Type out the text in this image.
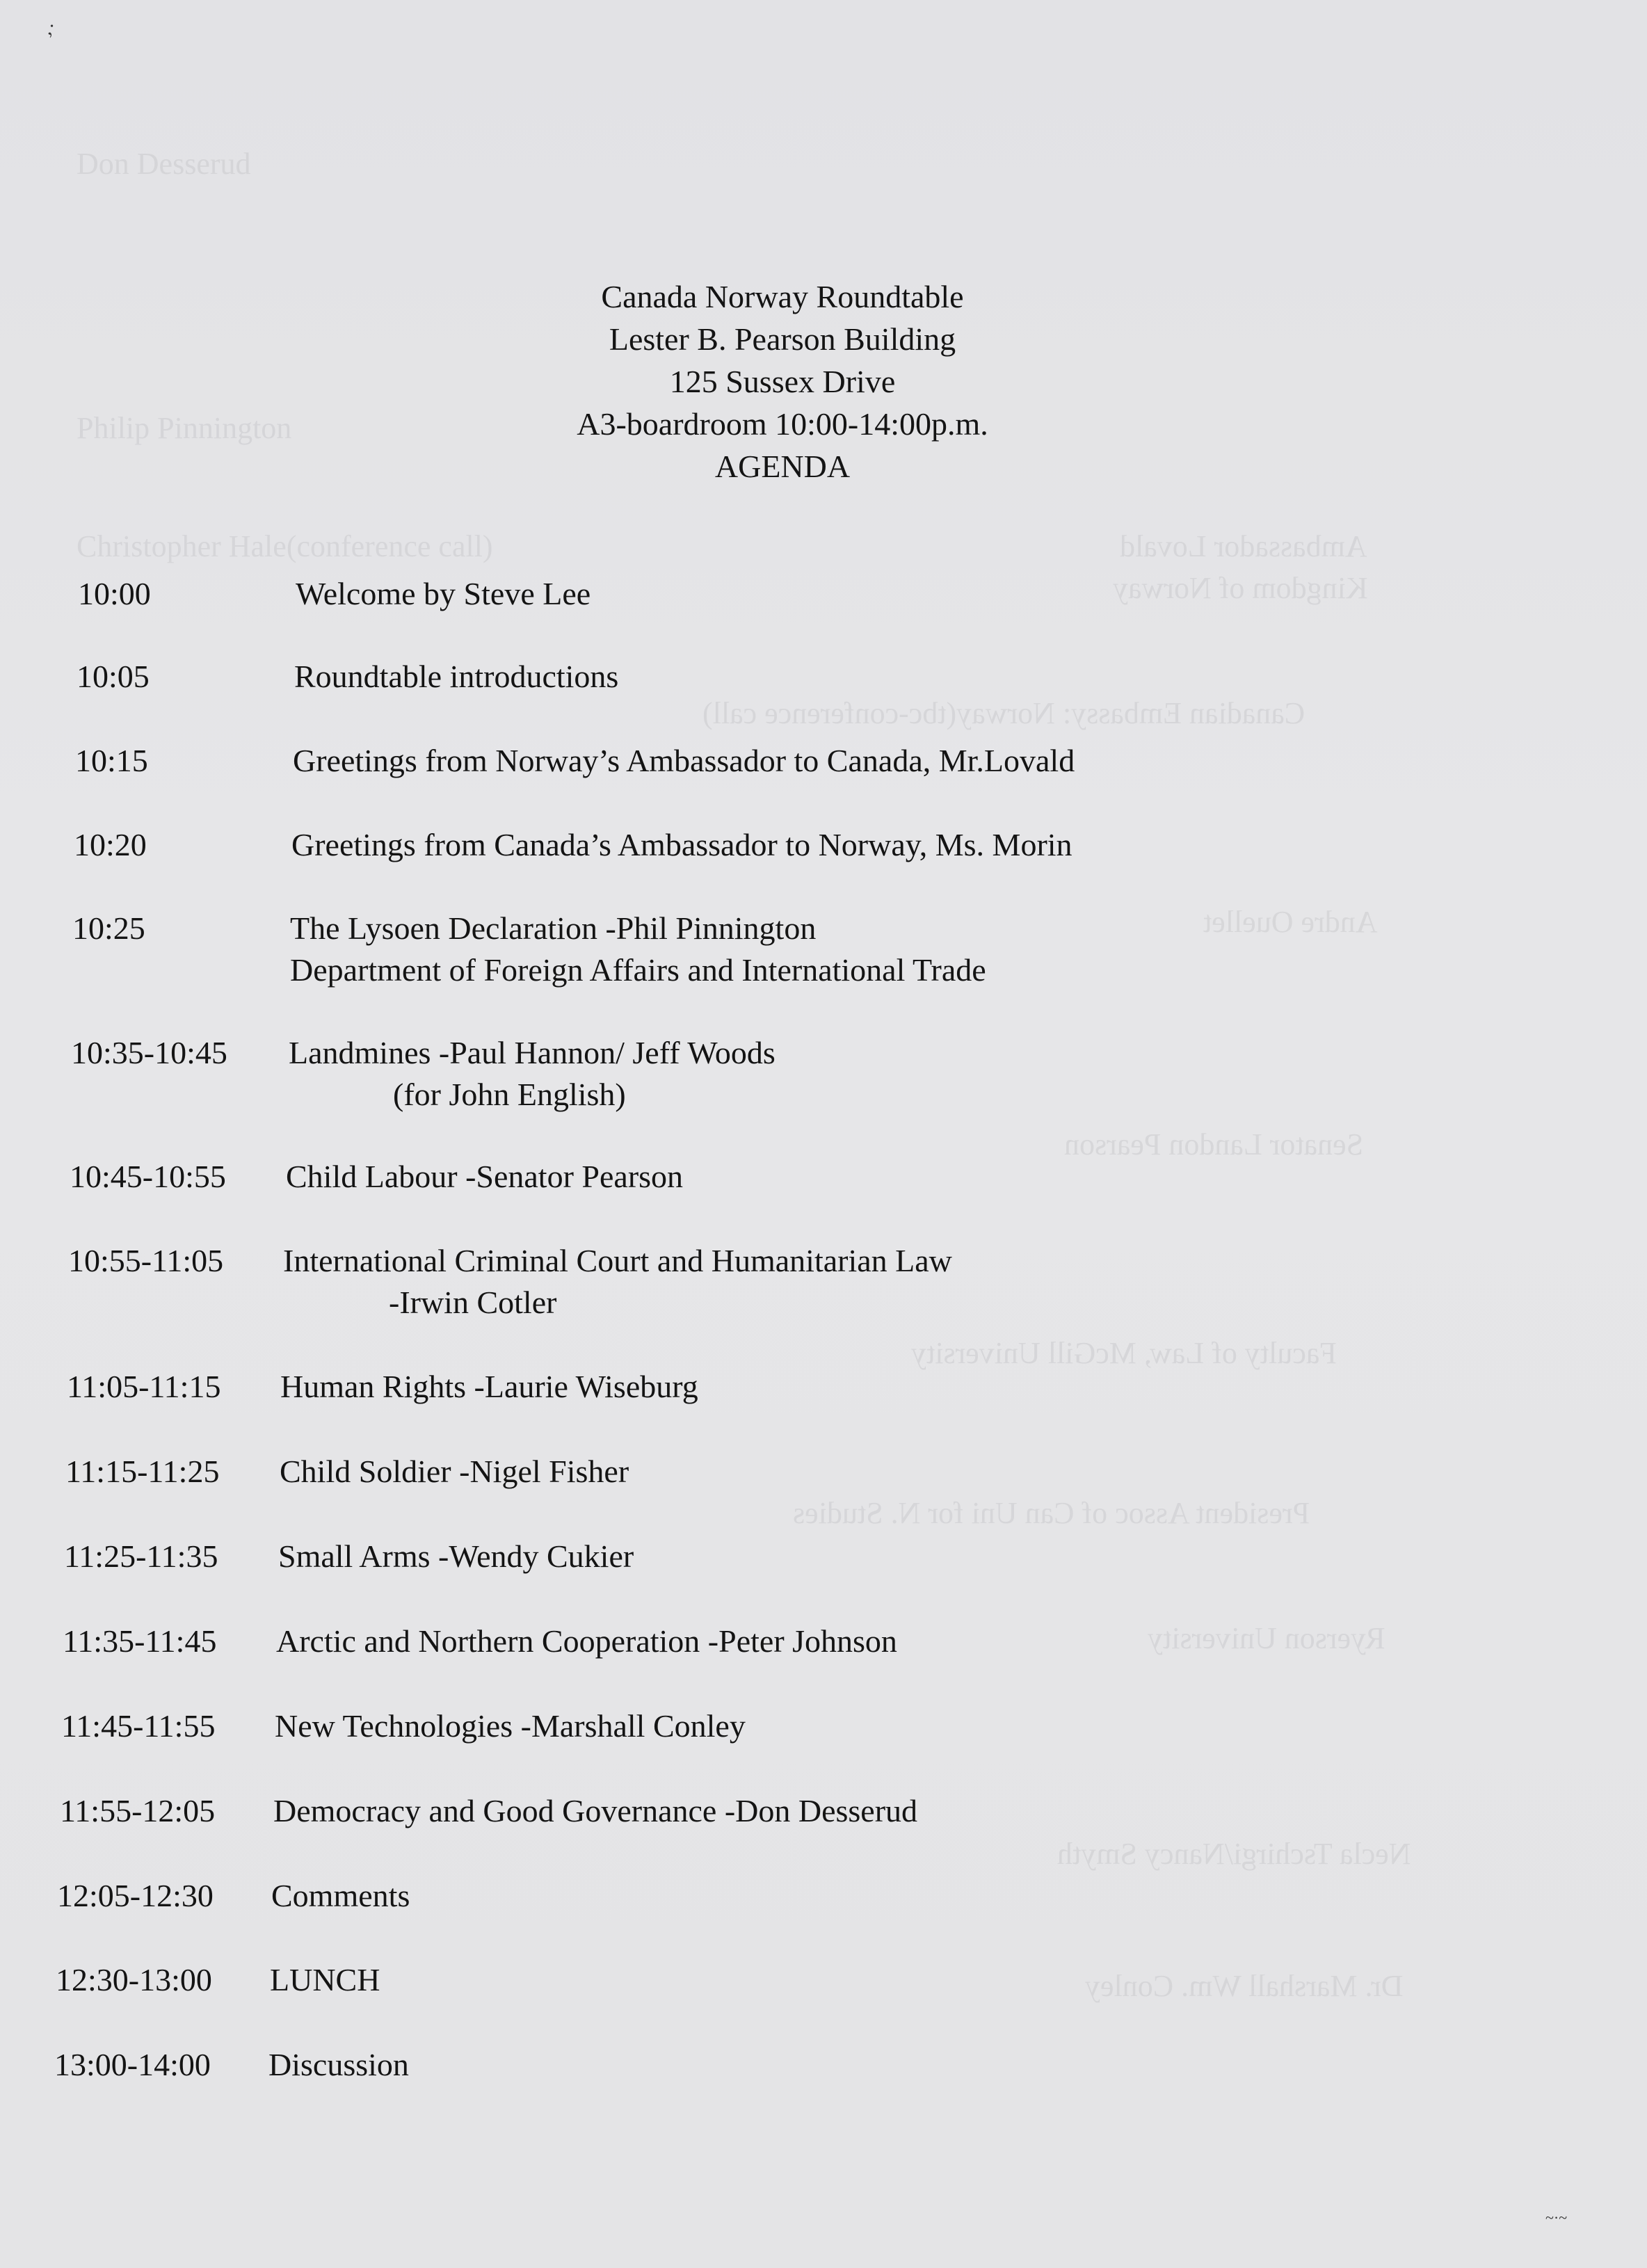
Ambassador Lovald
Kingdom of Norway
Canadian Embassy: Norway(tbc-conference call)
Andre Ouellet
Senator Landon Pearson
Faculty of Law, McGill University
President Assoc of Can Uni for N. Studies
Ryerson University
Necla Tschirgi/Nancy Smyth
Dr. Marshall Wm. Conley
Don Desserud
Philip Pinnington
Christopher Hale(conference call)
Canada Norway Roundtable
Lester B. Pearson Building
125 Sussex Drive
A3-boardroom 10:00-14:00p.m.
AGENDA
10:00	Welcome by Steve Lee
10:05	Roundtable introductions
10:15	Greetings from Norway’s Ambassador to Canada, Mr.Lovald
10:20	Greetings from Canada’s Ambassador to Norway, Ms. Morin
10:25	The Lysoen Declaration -Phil Pinnington
Department of Foreign Affairs and International Trade
10:35-10:45 Landmines -Paul Hannon/ Jeff Woods
(for John English)
10:45-10:55 Child Labour -Senator Pearson
10:55-11:05 International Criminal Court and Humanitarian Law
-Irwin Cotler
11:05-11:15 Human Rights -Laurie Wiseburg
11:15-11:25 Child Soldier -Nigel Fisher
11:25-11:35 Small Arms -Wendy Cukier
11:35-11:45 Arctic and Northern Cooperation -Peter Johnson
11:45-11:55 New Technologies -Marshall Conley
11:55-12:05 Democracy and Good Governance -Don Desserud
12:05-12:30 Comments
12:30-13:00 LUNCH
13:00-14:00 Discussion
,·
~·~
